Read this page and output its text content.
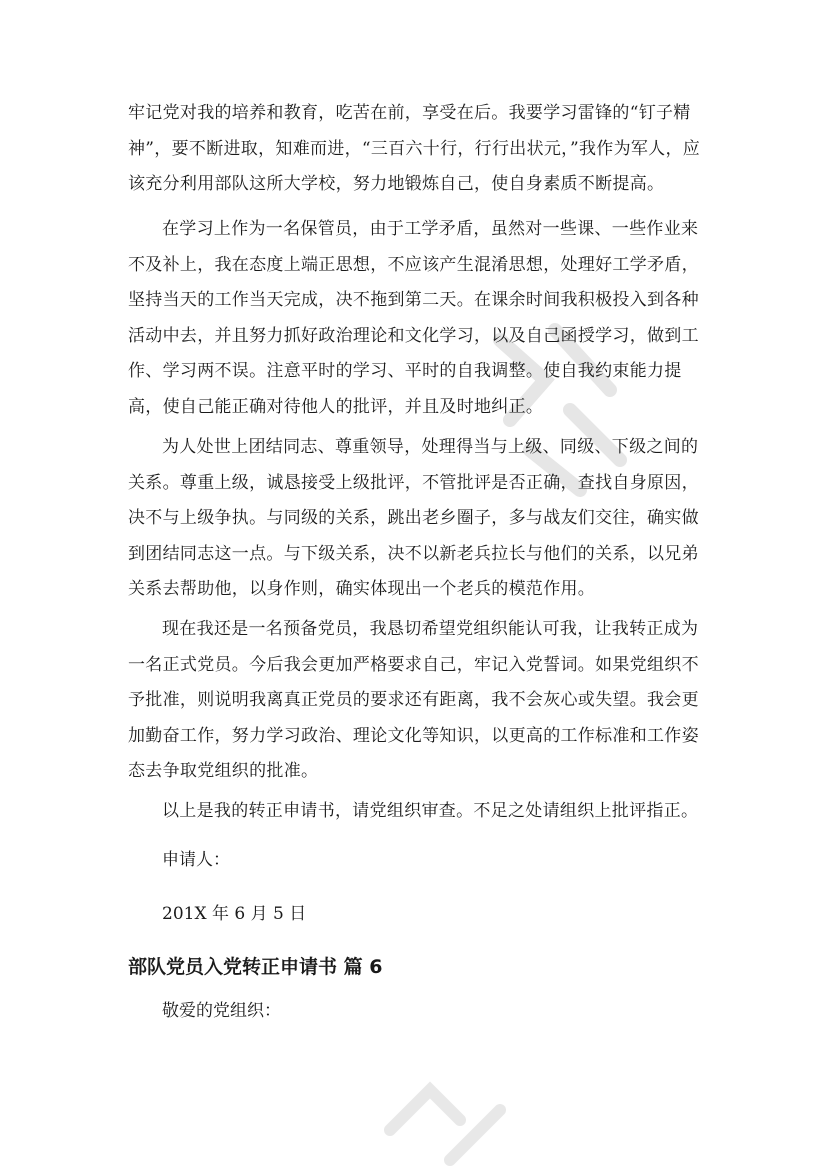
牢记党对我的培养和教育，吃苦在前，享受在后。我要学习雷锋的“钉子精神”，要不断进取，知难而进，“三百六十行，行行出状元，”我作为军人，应该充分利用部队这所大学校，努力地锻炼自己，使自身素质不断提高。

在学习上作为一名保管员，由于工学矛盾，虽然对一些课、一些作业来不及补上，我在态度上端正思想，不应该产生混淆思想，处理好工学矛盾，坚持当天的工作当天完成，决不拖到第二天。在课余时间我积极投入到各种活动中去，并且努力抓好政治理论和文化学习，以及自己函授学习，做到工作、学习两不误。注意平时的学习、平时的自我调整。使自我约束能力提高，使自己能正确对待他人的批评，并且及时地纠正。

为人处世上团结同志、尊重领导，处理得当与上级、同级、下级之间的关系。尊重上级，诚恳接受上级批评，不管批评是否正确，查找自身原因，决不与上级争执。与同级的关系，跳出老乡圈子，多与战友们交往，确实做到团结同志这一点。与下级关系，决不以新老兵拉长与他们的关系，以兄弟关系去帮助他，以身作则，确实体现出一个老兵的模范作用。

现在我还是一名预备党员，我恳切希望党组织能认可我，让我转正成为一名正式党员。今后我会更加严格要求自己，牢记入党誓词。如果党组织不予批准，则说明我离真正党员的要求还有距离，我不会灰心或失望。我会更加勤奋工作，努力学习政治、理论文化等知识，以更高的工作标准和工作姿态去争取党组织的批准。

以上是我的转正申请书，请党组织审查。不足之处请组织上批评指正。

申请人：

201X 年 6 月 5 日

部队党员入党转正申请书 篇 6

敬爱的党组织：
